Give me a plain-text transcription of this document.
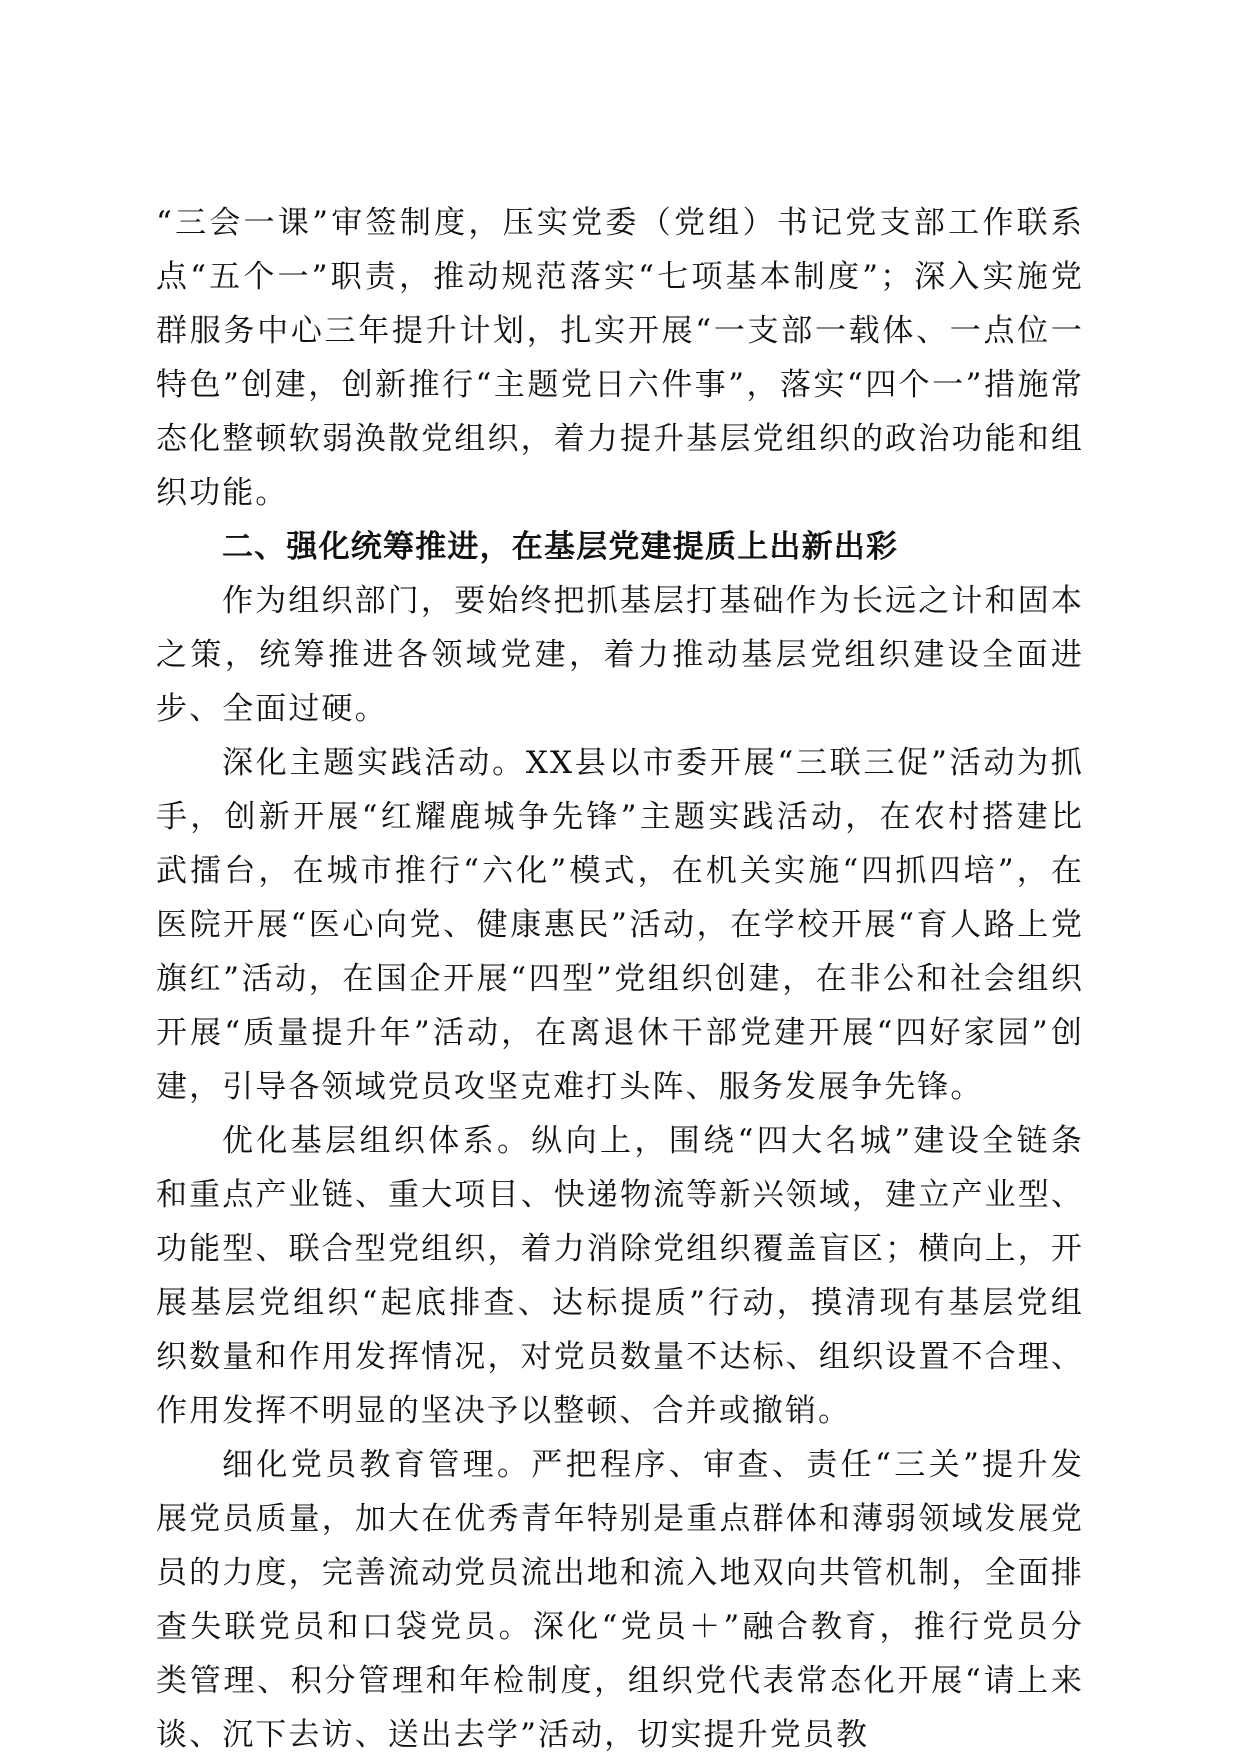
“三会一课”审签制度，压实党委（党组）书记党支部工作联系点“五个一”职责，推动规范落实“七项基本制度”；深入实施党群服务中心三年提升计划，扎实开展“一支部一载体、一点位一特色”创建，创新推行“主题党日六件事”，落实“四个一”措施常态化整顿软弱涣散党组织，着力提升基层党组织的政治功能和组织功能。

二、强化统筹推进，在基层党建提质上出新出彩

作为组织部门，要始终把抓基层打基础作为长远之计和固本之策，统筹推进各领域党建，着力推动基层党组织建设全面进步、全面过硬。

深化主题实践活动。XX县以市委开展“三联三促”活动为抓手，创新开展“红耀鹿城争先锋”主题实践活动，在农村搭建比武擂台，在城市推行“六化”模式，在机关实施“四抓四培”，在医院开展“医心向党、健康惠民”活动，在学校开展“育人路上党旗红”活动，在国企开展“四型”党组织创建，在非公和社会组织开展“质量提升年”活动，在离退休干部党建开展“四好家园”创建，引导各领域党员攻坚克难打头阵、服务发展争先锋。

优化基层组织体系。纵向上，围绕“四大名城”建设全链条和重点产业链、重大项目、快递物流等新兴领域，建立产业型、功能型、联合型党组织，着力消除党组织覆盖盲区；横向上，开展基层党组织“起底排查、达标提质”行动，摸清现有基层党组织数量和作用发挥情况，对党员数量不达标、组织设置不合理、作用发挥不明显的坚决予以整顿、合并或撤销。

细化党员教育管理。严把程序、审查、责任“三关”提升发展党员质量，加大在优秀青年特别是重点群体和薄弱领域发展党员的力度，完善流动党员流出地和流入地双向共管机制，全面排查失联党员和口袋党员。深化“党员＋”融合教育，推行党员分类管理、积分管理和年检制度，组织党代表常态化开展“请上来谈、沉下去访、送出去学”活动，切实提升党员教
